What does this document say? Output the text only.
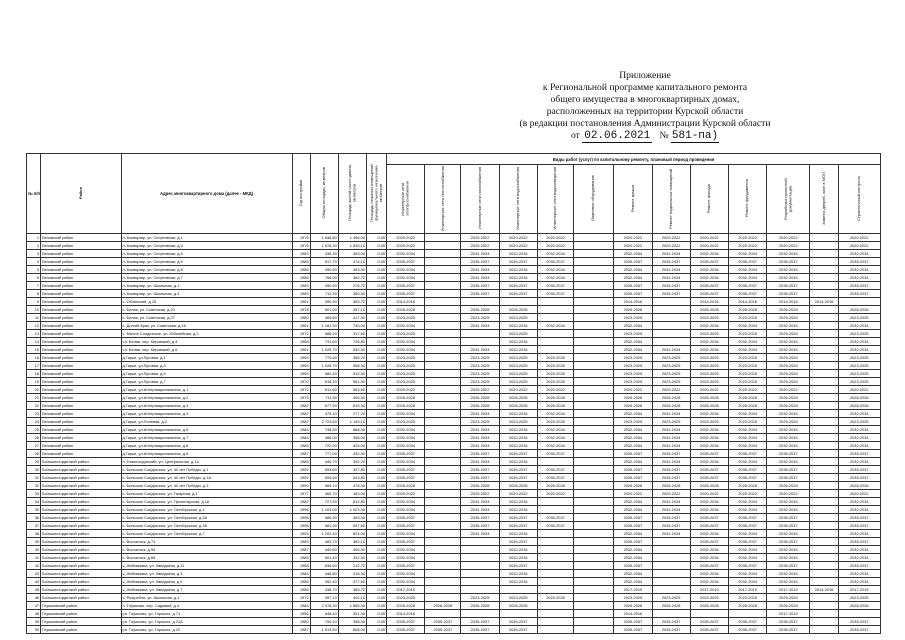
Приложение
к Региональной программе капитального ремонта
общего имущества в многоквартирных домах,
расположенных на территории Курской области
(в редакции постановления Администрации Курской области
от 02.06.2021 № 581-па)
№ п/п	Район	Адрес многоквартирного дома (далее - МКД)	Год постройки	Общая площадь, кв.метров	Площадь жилой части здания, кв.метров	Площадь нежилых помещений функционального назначения, кв.метров	Виды работ (услуг) по капитальному ремонту, плановый период проведения												
							Инженерные сети электроснабжения	Инженерные сети теплоснабжения	Инженерные сети газоснабжения	Инженерные сети водоснабжения	Инженерные сети водоотведения	Лифтовое оборудование	Ремонт крыши	Ремонт подвальных помещений	Ремонт фасада	Ремонт фундамента	Разработка проектной документации	Замена дверей, окон в МОП	Строительный контроль
1	Беловский район	п. Коммунар, ул. Спортивная, д.1	1976	1 646,80	1 496,00	0,00	2020-2022		2020-2022	2020-2022	2020-2022		2020-2022	2020-2022	2020-2022	2020-2022	2020-2022		2020-2022
2	Беловский район	п. Коммунар, ул. Спортивная, д.3	1976	1 678,30	1 539,10	0,00	2020-2022		2020-2022	2020-2022	2020-2022		2020-2022	2020-2022	2020-2022	2020-2022	2020-2022		2020-2022
3	Беловский район	п. Коммунар, ул. Спортивная, д.5	1983	436,30	353,00	0,00	2032-2034		2032-2034	2032-2034	2032-2034		2032-2034	2032-2034	2032-2034	2032-2034	2032-2034		2032-2034
4	Беловский район	п. Коммунар, ул. Спортивная, д.6	1985	517,70	474,10	0,00	2035-2037		2035-2037	2035-2037	2035-2037		2035-2037	2035-2037	2035-2037	2035-2037	2035-2037		2035-2037
5	Беловский район	п. Коммунар, ул. Спортивная, д.8	1986	490,50	453,90	0,00	2032-2034		2032-2034	2032-2034	2032-2034		2032-2034	2032-2034	2032-2034	2032-2034	2032-2034		2032-2034
6	Беловский район	п. Коммунар, ул. Спортивная, д.7	1986	766,90	382,70	0,00	2032-2034		2032-2034	2032-2034	2032-2034		2032-2034	2032-2034	2032-2034	2032-2034	2032-2034		2032-2034
7	Беловский район	п. Коммунар, ул. Школьная, д.1	1989	490,50	276,70	0,00	2035-2037		2035-2037	2035-2037	2035-2037		2035-2037	2035-2037	2035-2037	2035-2037	2035-2037		2035-2037
8	Беловский район	п. Коммунар, ул. Школьная, д.3	1989	712,30	350,50	0,00	2035-2037		2035-2037	2035-2037	2035-2037		2035-2037	2035-2037	2035-2037	2035-2037	2035-2037		2035-2037
9	Беловский район	с. Обоянский, д.15	1961	390,90	363,70	0,00	2014-2016						2014-2016		2014-2016	2014-2016	2014-2016	2014-2016	
10	Беловский район	с. Белая, ул. Советская, д.20	1978	501,90	457,10	0,00	2026-2028		2026-2028	2026-2028			2026-2028		2026-2028	2026-2028	2026-2028		2026-2028
11	Беловский район	с. Белая, ул. Советская, д.27	1980	469,60	417,90	0,00	2023-2025		2023-2025	2023-2025			2023-2025		2023-2025	2023-2025	2023-2025		2023-2025
12	Беловский район	с. Долгий Буяк, ул. Советская, д.16	1961	1 181,30	740,00	0,00	2032-2034		2032-2034	2032-2034	2032-2034		2032-2034		2032-2034	2032-2034	2032-2034		2032-2034
13	Беловский район	с. Малое Солдатское, ул. Юбилейная, д.2	1972	588,20	317,60	0,00	2023-2025			2023-2025			2023-2025		2023-2025	2023-2025	2023-2025		2023-2025
14	Беловский район	сл. Белая, пер. Кировский, д.4	1968	731,60	726,80	0,00	2032-2034			2032-2034			2032-2034		2032-2034	2032-2034	2032-2034		2032-2034
15	Беловский район	сл. Белая, пер. Кировский, д.6	1961	1 029,70	532,50	0,00	2032-2034		2032-2034	2032-2034			2032-2034	2032-2034	2032-2034	2032-2034	2032-2034		2032-2034
16	Беловский район	д.Гирьи, ул.Луговая, д.1	1969	770,60	395,20	0,00	2023-2025		2023-2025	2023-2025	2023-2025		2023-2025	2023-2025	2023-2025	2023-2025	2023-2025		2023-2025
17	Беловский район	д.Гирьи, ул.Луговая, д.3	1969	1 028,70	958,30	0,00	2023-2025		2023-2025	2023-2025	2023-2025		2023-2025	2023-2025	2023-2025	2023-2025	2023-2025		2023-2025
18	Беловский район	д.Гирьи, ул.Луговая, д.5	1969	580,40	512,50	0,00	2023-2025		2023-2025	2023-2025	2023-2025		2023-2025	2023-2025	2023-2025	2023-2025	2023-2025		2023-2025
19	Беловский район	д.Гирьи, ул.Луговая, д.7	1970	618,20	561,90	0,00	2023-2025		2023-2025	2023-2025	2023-2025		2023-2025	2023-2025	2023-2025	2023-2025	2023-2025		2023-2025
20	Беловский район	д.Гирьи, ул.Интернациональная, д.1	1972	612,60	553,60	0,00	2020-2022		2020-2022	2020-2022	2020-2022		2020-2022	2020-2022	2020-2022	2020-2022	2020-2022		2020-2022
21	Беловский район	д.Гирьи, ул.Интернациональная, д.2	1975	711,30	406,50	0,00	2026-2028		2026-2028	2026-2028	2026-2028		2026-2028	2026-2028	2026-2028	2026-2028	2026-2028		2026-2028
22	Беловский район	д.Гирьи, ул.Интернациональная, д.3	1982	677,90	615,30	0,00	2026-2028		2026-2028	2026-2028	2026-2028		2026-2028	2026-2028	2026-2028	2026-2028	2026-2028		2026-2028
23	Беловский район	д.Гирьи, ул.Интернациональная, д.4	1982	479,10	277,20	0,00	2032-2034		2032-2034	2032-2034	2032-2034		2032-2034	2032-2034	2032-2034	2032-2034	2032-2034		2032-2034
24	Беловский район	д.Гирьи, ул.Полевая, д.2	1982	2 723,60	1 149,10	0,00	2023-2025		2023-2025	2023-2025	2023-2025		2023-2025	2023-2025	2023-2025	2023-2025	2023-2025		2023-2025
25	Беловский район	д.Гирьи, ул.Интернациональная, д.5	1984	748,50	688,40	0,00	2032-2034		2032-2034	2032-2034	2032-2034		2032-2034	2032-2034	2032-2034	2032-2034	2032-2034		2032-2034
26	Беловский район	д.Гирьи, ул.Интернациональная, д.7	1984	466,00	398,00	0,00	2032-2034		2032-2034	2032-2034	2032-2034		2032-2034	2032-2034	2032-2034	2032-2034	2032-2034		2032-2034
27	Беловский район	д.Гирьи, ул.Интернациональная, д.6	1985	722,90	424,00	0,00	2032-2034		2032-2034	2032-2034	2032-2034		2032-2034	2032-2034	2032-2034	2032-2034	2032-2034		2032-2034
28	Беловский район	д.Гирьи, ул.Интернациональная, д.8	1987	777,00	432,90	0,00	2035-2037		2035-2037	2035-2037	2035-2037		2035-2037	2035-2037	2035-2037	2035-2037	2035-2037		2035-2037
29	Большесолдатский район	п. Новосолдатский, ул. Центральная, д.14	1985	440,70	392,20	0,00	2032-2034		2032-2034	2032-2034			2032-2034	2032-2034	2032-2034	2032-2034	2032-2034		2032-2034
30	Большесолдатский район	с. Большое Солдатское, ул. 40 лет Победы, д.1	1991	593,60	327,80	0,00	2035-2037		2035-2037	2035-2037	2035-2037		2035-2037	2035-2037	2035-2037	2035-2037	2035-2037		2035-2037
31	Большесолдатский район	с. Большое Солдатское, ул. 40 лет Победы, д.1А	1991	594,90	543,80	0,00	2035-2037		2035-2037	2035-2037	2035-2037		2035-2037	2035-2037	2035-2037	2035-2037	2035-2037		2035-2037
32	Большесолдатский район	с. Большое Солдатское, ул. 40 лет Победы, д.3	1990	569,10	478,40	0,00	2026-2028		2026-2028	2026-2028	2026-2028		2026-2028	2026-2028	2026-2028	2026-2028	2026-2028		2026-2028
33	Большесолдатский район	с. Большое Солдатское, ул. Гагарина, д.1	1977	469,70	183,00	0,00	2020-2022		2020-2022	2020-2022	2020-2022		2020-2022	2020-2022	2020-2022	2020-2022	2020-2022		2020-2022
34	Большесолдатский район	с. Большое Солдатское, ул. Пролетарская, д.16	1982	727,90	612,80	0,00	2032-2034		2032-2034	2032-2034			2032-2034	2032-2034	2032-2034	2032-2034	2032-2034		2032-2034
35	Большесолдатский район	с. Большое Солдатское, ул. Октябрьская, д.1	1996	1 103,00	1 023,40	0,00	2032-2034		2032-2034	2032-2034			2032-2034	2032-2034	2032-2034	2032-2034	2032-2034		2032-2034
36	Большесолдатский район	с. Большое Солдатское, ул. Октябрьская, д.3А	1995	580,90	353,40	0,00	2035-2037		2035-2037	2035-2037	2035-2037		2035-2037	2035-2037	2035-2037	2035-2037	2035-2037		2035-2037
37	Большесолдатский район	с. Большое Солдатское, ул. Октябрьская, д.3Б	1995	581,90	537,60	0,00	2035-2037		2035-2037	2035-2037	2035-2037		2035-2037	2035-2037	2035-2037	2035-2037	2035-2037		2035-2037
38	Большесолдатский район	с. Большое Солдатское, ул. Октябрьская, д.7	1993	1 202,40	824,00	0,00	2032-2034		2032-2034	2032-2034			2032-2034	2032-2034	2032-2034	2032-2034	2032-2034		2032-2034
39	Большесолдатский район	с. Волоконск, д.71	1989	483,70	362,10	0,00	2035-2037			2035-2037			2035-2037		2035-2037	2035-2037	2035-2037		2035-2037
40	Большесолдатский район	с. Волоконск, д.54	1987	440,60	406,90	0,00	2032-2034			2032-2034			2032-2034		2032-2034	2032-2034	2032-2034		2032-2034
41	Большесолдатский район	с. Волоконск, д.68	1985	501,40	332,50	0,00	2032-2034			2032-2034			2032-2034		2032-2034	2032-2034	2032-2034		2032-2034
42	Большесолдатский район	с. Любимовка, ул. Заводская, д.11	1988	636,60	212,70	0,00	2035-2037			2035-2037			2035-2037		2035-2037	2035-2037	2035-2037		2035-2037
43	Большесолдатский район	с. Любимовка, ул. Заводская, д.3	1984	446,80	318,30	0,00	2032-2034			2032-2034			2032-2034		2032-2034	2032-2034	2032-2034		2032-2034
44	Большесолдатский район	с. Любимовка, ул. Заводская, д.5	1986	452,40	377,60	0,00	2032-2034			2032-2034			2032-2034		2032-2034	2032-2034	2032-2034		2032-2034
45	Большесолдатский район	с. Любимовка, ул. Заводская, д.7	1986	438,70	385,70	0,00	2017-2019						2017-2019		2017-2019	2017-2019	2017-2019	2014-2016	2017-2019
46	Большесолдатский район	с. Розгребли, ул. Школьная, д.1	1972	457,10	402,10	0,00	2023-2025		2023-2025	2023-2025	2023-2025		2023-2025	2023-2025	2023-2025	2023-2025	2023-2025		2023-2025
47	Глушковский район	п. Глушково, пер. Садовый, д.4	1984	2 078,30	1 855,40	0,00	2026-2028	2026-2028	2026-2028	2026-2028			2026-2028	2026-2028	2026-2028	2026-2028	2026-2028		2026-2028
48	Глушковский район	рп. Глушково, ул. Горького, д.71	1956	848,40	301,40	0,00	2014-2016						2014-2016				2017-2019		
49	Глушковский район	рп. Глушково, ул. Горького, д.21А	1980	700,10	358,40	0,00	2035-2037	2035-2037	2035-2037	2035-2037			2035-2037	2035-2037	2035-2037	2035-2037	2035-2037		2035-2037
50	Глушковский район	рп. Глушково, ул. Горького, д.22	1987	1 013,50	608,00	0,00	2035-2037	2035-2037	2035-2037	2035-2037			2035-2037	2035-2037	2035-2037	2035-2037	2035-2037		2035-2037
